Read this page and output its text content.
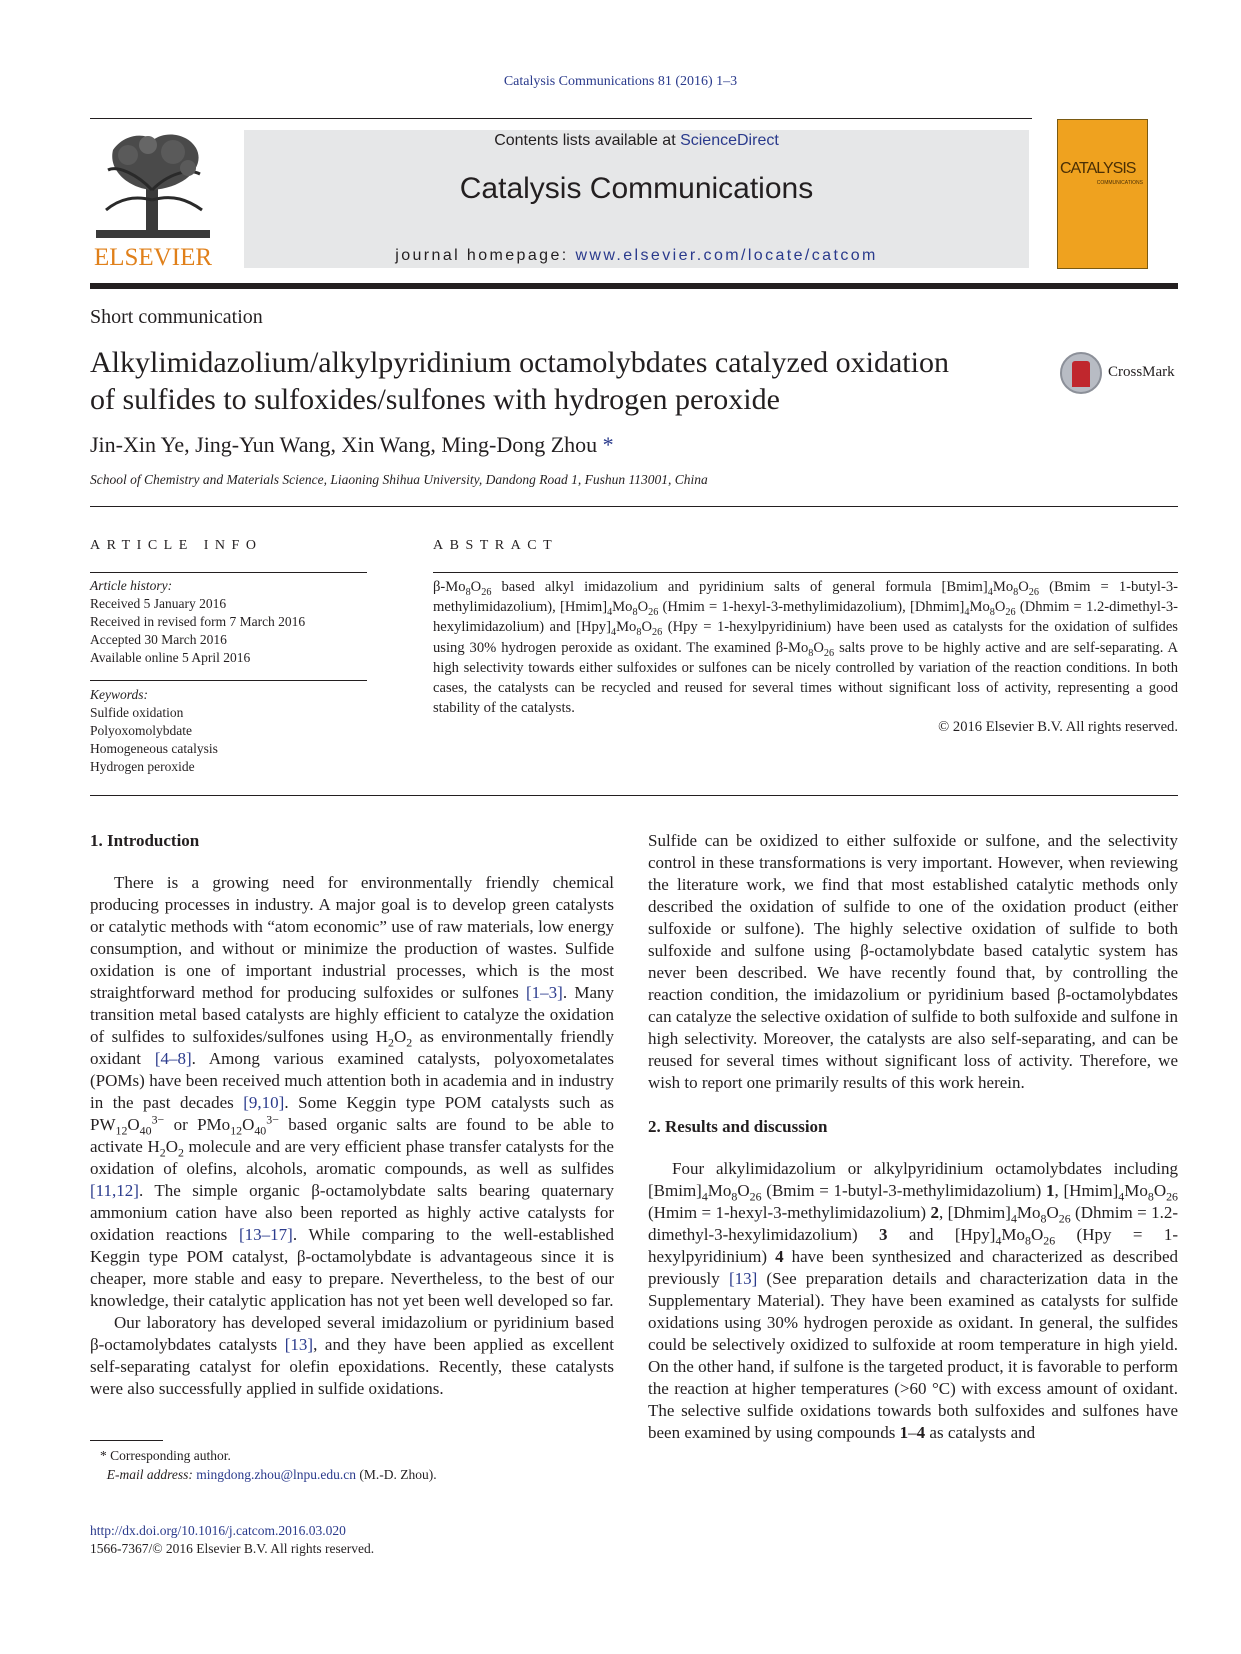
Catalysis Communications 81 (2016) 1–3
ELSEVIER
Contents lists available at ScienceDirect
Catalysis Communications
journal homepage: www.elsevier.com/locate/catcom
CATALYSIS
COMMUNICATIONS
Short communication
Alkylimidazolium/alkylpyridinium octamolybdates catalyzed oxidation
of sulfides to sulfoxides/sulfones with hydrogen peroxide
CrossMark
Jin-Xin Ye, Jing-Yun Wang, Xin Wang, Ming-Dong Zhou *
School of Chemistry and Materials Science, Liaoning Shihua University, Dandong Road 1, Fushun 113001, China
ARTICLE INFO	ABSTRACT
Article history:
Received 5 January 2016
Received in revised form 7 March 2016
Accepted 30 March 2016
Available online 5 April 2016
Keywords:
Sulfide oxidation
Polyoxomolybdate
Homogeneous catalysis
Hydrogen peroxide
$\beta-Mo_8O_{26}$ based alkyl imidazolium and pyridinium salts of general formula $[Bmim]_4Mo_8O_{26}$ (Bmim = 1-butyl-3-methylimidazolium), $[Hmim]_4Mo_8O_{26}$ (Hmim = 1-hexyl-3-methylimidazolium), $[Dhmim]_4Mo_8O_{26}$ (Dhmim = 1.2-dimethyl-3-hexylimidazolium) and $[Hpy]_4Mo_8O_{26}$ (Hpy = 1-hexylpyridinium) have been used as catalysts for the oxidation of sulfides using 30% hydrogen peroxide as oxidant. The examined $\beta-Mo_8O_{26}$ salts prove to be highly active and are self-separating. A high selectivity towards either sulfoxides or sulfones can be nicely controlled by variation of the reaction conditions. In both cases, the catalysts can be recycled and reused for several times without significant loss of activity, representing a good stability of the catalysts.
© 2016 Elsevier B.V. All rights reserved.
1. Introduction

There is a growing need for environmentally friendly chemical producing processes in industry. A major goal is to develop green catalysts or catalytic methods with “atom economic” use of raw materials, low energy consumption, and without or minimize the production of wastes. Sulfide oxidation is one of important industrial processes, which is the most straightforward method for producing sulfoxides or sulfones [1–3]. Many transition metal based catalysts are highly efficient to catalyze the oxidation of sulfides to sulfoxides/sulfones using $H_2O_2$ as environmentally friendly oxidant [4–8]. Among various examined catalysts, polyoxometalates (POMs) have been received much attention both in academia and in industry in the past decades [9,10]. Some Keggin type POM catalysts such as $PW_{12}O_{40}^{3-}$ or $PMo_{12}O_{40}^{3-}$ based organic salts are found to be able to activate $H_2O_2$ molecule and are very efficient phase transfer catalysts for the oxidation of olefins, alcohols, aromatic compounds, as well as sulfides [11,12]. The simple organic β-octamolybdate salts bearing quaternary ammonium cation have also been reported as highly active catalysts for oxidation reactions [13–17]. While comparing to the well-established Keggin type POM catalyst, β-octamolybdate is advantageous since it is cheaper, more stable and easy to prepare. Nevertheless, to the best of our knowledge, their catalytic application has not yet been well developed so far.

Our laboratory has developed several imidazolium or pyridinium based β-octamolybdates catalysts [13], and they have been applied as excellent self-separating catalyst for olefin epoxidations. Recently, these catalysts were also successfully applied in sulfide oxidations.

Sulfide can be oxidized to either sulfoxide or sulfone, and the selectivity control in these transformations is very important. However, when reviewing the literature work, we find that most established catalytic methods only described the oxidation of sulfide to one of the oxidation product (either sulfoxide or sulfone). The highly selective oxidation of sulfide to both sulfoxide and sulfone using β-octamolybdate based catalytic system has never been described. We have recently found that, by controlling the reaction condition, the imidazolium or pyridinium based β-octamolybdates can catalyze the selective oxidation of sulfide to both sulfoxide and sulfone in high selectivity. Moreover, the catalysts are also self-separating, and can be reused for several times without significant loss of activity. Therefore, we wish to report one primarily results of this work herein.

2. Results and discussion

Four alkylimidazolium or alkylpyridinium octamolybdates including $[Bmim]_4Mo_8O_{26}$ (Bmim = 1-butyl-3-methylimidazolium) 1, $[Hmim]_4Mo_8O_{26}$ (Hmim = 1-hexyl-3-methylimidazolium) 2, $[Dhmim]_4Mo_8O_{26}$ (Dhmim = 1.2-dimethyl-3-hexylimidazolium) 3 and $[Hpy]_4Mo_8O_{26}$ (Hpy = 1-hexylpyridinium) 4 have been synthesized and characterized as described previously [13] (See preparation details and characterization data in the Supplementary Material). They have been examined as catalysts for sulfide oxidations using 30% hydrogen peroxide as oxidant. In general, the sulfides could be selectively oxidized to sulfoxide at room temperature in high yield. On the other hand, if sulfone is the targeted product, it is favorable to perform the reaction at higher temperatures (>60 °C) with excess amount of oxidant. The selective sulfide oxidations towards both sulfoxides and sulfones have been examined by using compounds 1–4 as catalysts and

* Corresponding author.
E-mail address: mingdong.zhou@lnpu.edu.cn (M.-D. Zhou).
http://dx.doi.org/10.1016/j.catcom.2016.03.020
1566-7367/© 2016 Elsevier B.V. All rights reserved.
